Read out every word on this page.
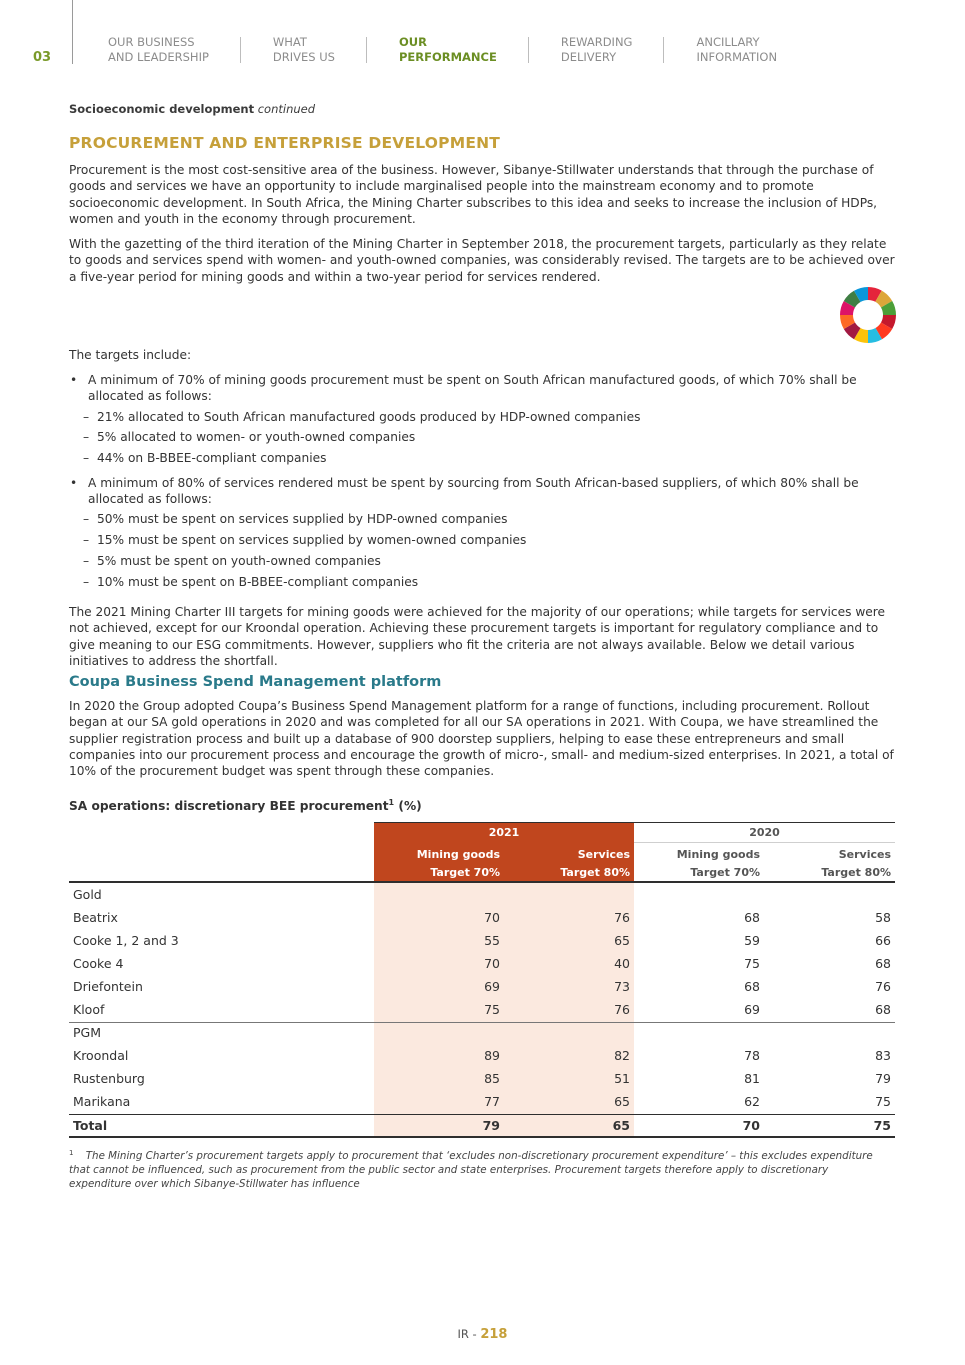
03
OUR BUSINESS
AND LEADERSHIP
WHAT
DRIVES US
OUR
PERFORMANCE
REWARDING
DELIVERY
ANCILLARY
INFORMATION
Socioeconomic development continued
PROCUREMENT AND ENTERPRISE DEVELOPMENT
Procurement is the most cost-sensitive area of the business. However, Sibanye-Stillwater understands that through the purchase of goods and services we have an opportunity to include marginalised people into the mainstream economy and to promote socioeconomic development. In South Africa, the Mining Charter subscribes to this idea and seeks to increase the inclusion of HDPs, women and youth in the economy through procurement.
With the gazetting of the third iteration of the Mining Charter in September 2018, the procurement targets, particularly as they relate to goods and services spend with women- and youth-owned companies, was considerably revised. The targets are to be achieved over a five-year period for mining goods and within a two-year period for services rendered.
The targets include:
• A minimum of 70% of mining goods procurement must be spent on South African manufactured goods, of which 70% shall be allocated as follows:
– 21% allocated to South African manufactured goods produced by HDP-owned companies
– 5% allocated to women- or youth-owned companies
– 44% on B-BBEE-compliant companies
• A minimum of 80% of services rendered must be spent by sourcing from South African-based suppliers, of which 80% shall be allocated as follows:
– 50% must be spent on services supplied by HDP-owned companies
– 15% must be spent on services supplied by women-owned companies
– 5% must be spent on youth-owned companies
– 10% must be spent on B-BBEE-compliant companies
The 2021 Mining Charter III targets for mining goods were achieved for the majority of our operations; while targets for services were not achieved, except for our Kroondal operation. Achieving these procurement targets is important for regulatory compliance and to give meaning to our ESG commitments. However, suppliers who fit the criteria are not always available. Below we detail various initiatives to address the shortfall.
Coupa Business Spend Management platform
In 2020 the Group adopted Coupa’s Business Spend Management platform for a range of functions, including procurement. Rollout began at our SA gold operations in 2020 and was completed for all our SA operations in 2021. With Coupa, we have streamlined the supplier registration process and built up a database of 900 doorstep suppliers, helping to ease these entrepreneurs and small companies into our procurement process and encourage the growth of micro-, small- and medium-sized enterprises. In 2021, a total of 10% of the procurement budget was spent through these companies.
SA operations: discretionary BEE procurement$^1$ (%)
2021	2020
Mining goods	Services	Mining goods	Services
Target 70%	Target 80%	Target 70%	Target 80%
Gold
Beatrix	70	76	68	58
Cooke 1, 2 and 3	55	65	59	66
Cooke 4	70	40	75	68
Driefontein	69	73	68	76
Kloof	75	76	69	68
PGM
Kroondal	89	82	78	83
Rustenburg	85	51	81	79
Marikana	77	65	62	75
Total	79	65	70	75
$^1$ The Mining Charter’s procurement targets apply to procurement that ‘excludes non-discretionary procurement expenditure’ – this excludes expenditure that cannot be influenced, such as procurement from the public sector and state enterprises. Procurement targets therefore apply to discretionary expenditure over which Sibanye-Stillwater has influence
IR - 218
